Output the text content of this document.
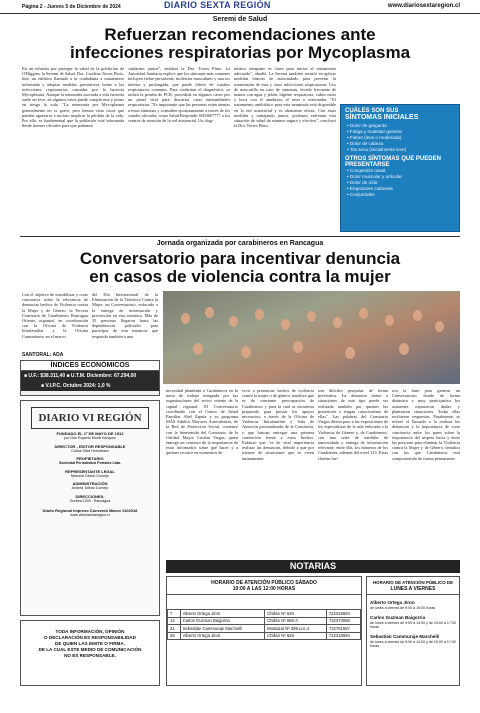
Página 2 - Jueves 5 de Diciembre de 2024	DIARIO SEXTA REGIÓN	www.diariosextaregion.cl
Seremi de Salud
Refuerzan recomendaciones ante
infecciones respiratorias por Mycoplasma
En un esfuerzo por proteger la salud de la población de O'Higgins, la Seremi de Salud, Dra. Carolina Torres Pinto, hizo un enfático llamado a la ciudadanía a mantenerse informada y adoptar medidas preventivas frente a las infecciones respiratorias causadas por la bacteria Mycoplasma. Aunque la neumonía asociada a esta bacteria suele ser leve, en algunos casos puede complicarse y poner en riesgo la vida. "La neumonía por Mycoplasma generalmente no es grave, pero hemos visto casos que pueden agravarse e incluso implicar la pérdida de la vida. Por ello, es fundamental que la población esté informada desde fuentes oficiales para que podamos
cuidarnos juntos", enfatizó la Dra. Torres Pinto. La Autoridad Sanitaria explicó que los síntomas más comunes incluyen fiebre persistente, molestias musculares y una tos intensa y prolongada, que puede diferir de cuadros respiratorios comunes. Para confirmar el diagnóstico, se utiliza la prueba de PCR, procedida en algunos casos por un panel viral para descartar otras enfermedades respiratorias. "Es importante que las personas estén atentas a estos síntomas y consulten oportunamente a través de los canales oficiales, como Salud Responde: 6003607777 o los centros de atención de la red asistencial. Un diag-
nóstico temprano es clave para iniciar el tratamiento adecuado", añadió. La Seremi también insistió en aplicar medidas básicas de autocuidado para prevenir la transmisión de esta y otras infecciones respiratorias: Uso de mascarilla en caso de síntomas, lavado frecuente de manos con agua y jabón, higiene respiratoria, cubrir nariz y boca con el antebrazo al toser o estornudar. "El tratamiento antibiótico para esta neumonía está disponible en la red asistencial y es altamente eficaz. Con estas medidas y trabajando juntos, podemos enfrentar esta situación de salud de manera segura y efectiva", concluyó la Dra. Torres Pinto.
CUÁLES SON SUS
SÍNTOMAS INICIALES
• Dolor de garganta
• Fatiga y malestar general
• Fiebre (leve o moderada)
• Dolor de cabeza
• Tos seca (inicialmente leve)
OTROS SÍNTOMAS QUE PUEDEN PRESENTARSE
• Congestión nasal
• Dolor muscular y articular
• Dolor de oído
• Erupciones cutáneas
• Conjuntivitis
Jornada organizada por carabineros en Rancagua
Conversatorio para incentivar denuncia
en casos de violencia contra la mujer
Con el objetivo de sensibilizar y crear conciencia sobre la relevancia de denunciar hechos de Violencia contra la Mujer y de Género, la Tercera Comisaría de Carabineros Rancagua Oriente, organizó, en coordinación con la Oficina de Violencia Intrafamiliar y la Oficina Comunitaria, en el marco
del Día Internacional de la Eliminación de la Violencia Contra la Mujer, un Conversatorio, enfocado a la entrega de información y prevención en esta temática. Más de 35 personas llegaron hasta las dependencias policiales para participar de esta instancia que respondo también a una
SANTORAL: ADA
ÍNDICES ECONÓMICOS
■ U.F.: $38.311,40 ■ U.T.M. Diciembre: 67.294,00
■ V.I.P.C. Octubre 2024: 1,0 %
necesidad planteada a Carabineros en la mesa de trabajo integrada por las organizaciones del sector oriente de la capital regional. El Conversatorio coordinado con el Centro de Salud Familiar Abel Zapata y su programa MÁS Adultos Mayores Autovalentes, de la Red de Protección Social, comenzó con la bienvenida del Comisario de la Unidad, Mayor Cristian Vargas, quien entregó un contexto de la importancia de estar informados sobre qué hacer y a quiénes recurrir en momentos de
vivir o presenciar hechos de violencia contra la mujer o de género, temática que es de constante preocupación de Carabineros y para la cual se encuentra preparado para prestar los apoyos necesarios, a través de la Oficina de Violencia Intrafamiliar y Sala de Atención personalizada de la Comisaría, y que buscan entregar una primera contención frente a estos hechos. Enfatizó que "es de vital importancia realizar las denuncias, debido a que por tratarse de situaciones que se viven íntimamente
son difíciles pesquisar de forma preventiva. La denuncia frente a situaciones de este tipo puede ser realizada también por quienes las presencien o tengan conocimiento de ellas". Las palabras del Comisario Vargas dieron paso a las exposiciones de los especialistas de la sala enfocada a la Violencia de Género y, de Carabineros, con una serie de medidas de autocuidado y entrega de información relevante, entre ella, los números de los Cuadrantes, además del nivel 133. Estas charlas fue-
ron la base para generar un Conversatorio, donde de forma dinámica y muy participativa los asistentes expusieron dudas y plantearon situaciones. Todas ellas recibieron respuestas. Finalmente, se reiteró el llamado a la realizar las denuncias y la importancia de crear conciencia entre los pares sobre la importancia del respeto hacia y entre las personas para eliminar la Violencia contra la Mujer y de Género, temática con las que Carabineros está comprometido de forma permanente.
DIARIO VI REGIÓN
FUNDADO EL 1º DE MAYO DE 1912
por Don Ruperto Montt Vázquez
DIRECTOR - EDITOR RESPONSABLE
Carlos Silva Hernández
PROPIETARIO
Sociedad Periodística Portales Ltda.
REPRESENTANTE LEGAL
Marcela Toledo Cornejo
ADMINISTRACIÓN
Andrea Toledo Cornejo
DIRECCIONES:
Gorbea 1009 · Rancagua
Diario Regional impreso Convenio Marco 1102018
www.diariosextaregion.cl
TODA INFORMACIÓN, OPINIÓN
O DECLARACIÓN ES RESPONSABILIDAD
DE QUIEN LAS EMITE O FIRMA.
DE LA CUAL ESTE MEDIO DE COMUNICACIÓN
NO ES RESPONSABLE.
NOTARIAS
HORARIO DE ATENCIÓN PÚBLICO SÁBADO
10:00 A LAS 12:00 HORAS
7	Alberto Ortega Jiron	Chillán Nº 626	722318694
14	Carlos Guzman Baigorria	Chillán Nº 585-A	722373066
21	Sebastián Cammuraje Marchelli	Mostazal Nº 399 Loc.4	722761557
28	Alberto Ortega Jiron	Chillán Nº 626	722318694
HORARIO DE ATENCIÓN PÚBLICO DE
LUNES A VIERNES
Alberto Ortega Jiron
de lunes a viernes de 9:00 a 19:00 horas
Carlos Guzman Baigorria
de lunes a viernes de 9:00 a 14:00 y de 15:00 a 17:00 horas
Sebastián Cammuraje Marchelli
de lunes a viernes de 9:00 a 14:00 y de 15:00 a 17:00 horas
